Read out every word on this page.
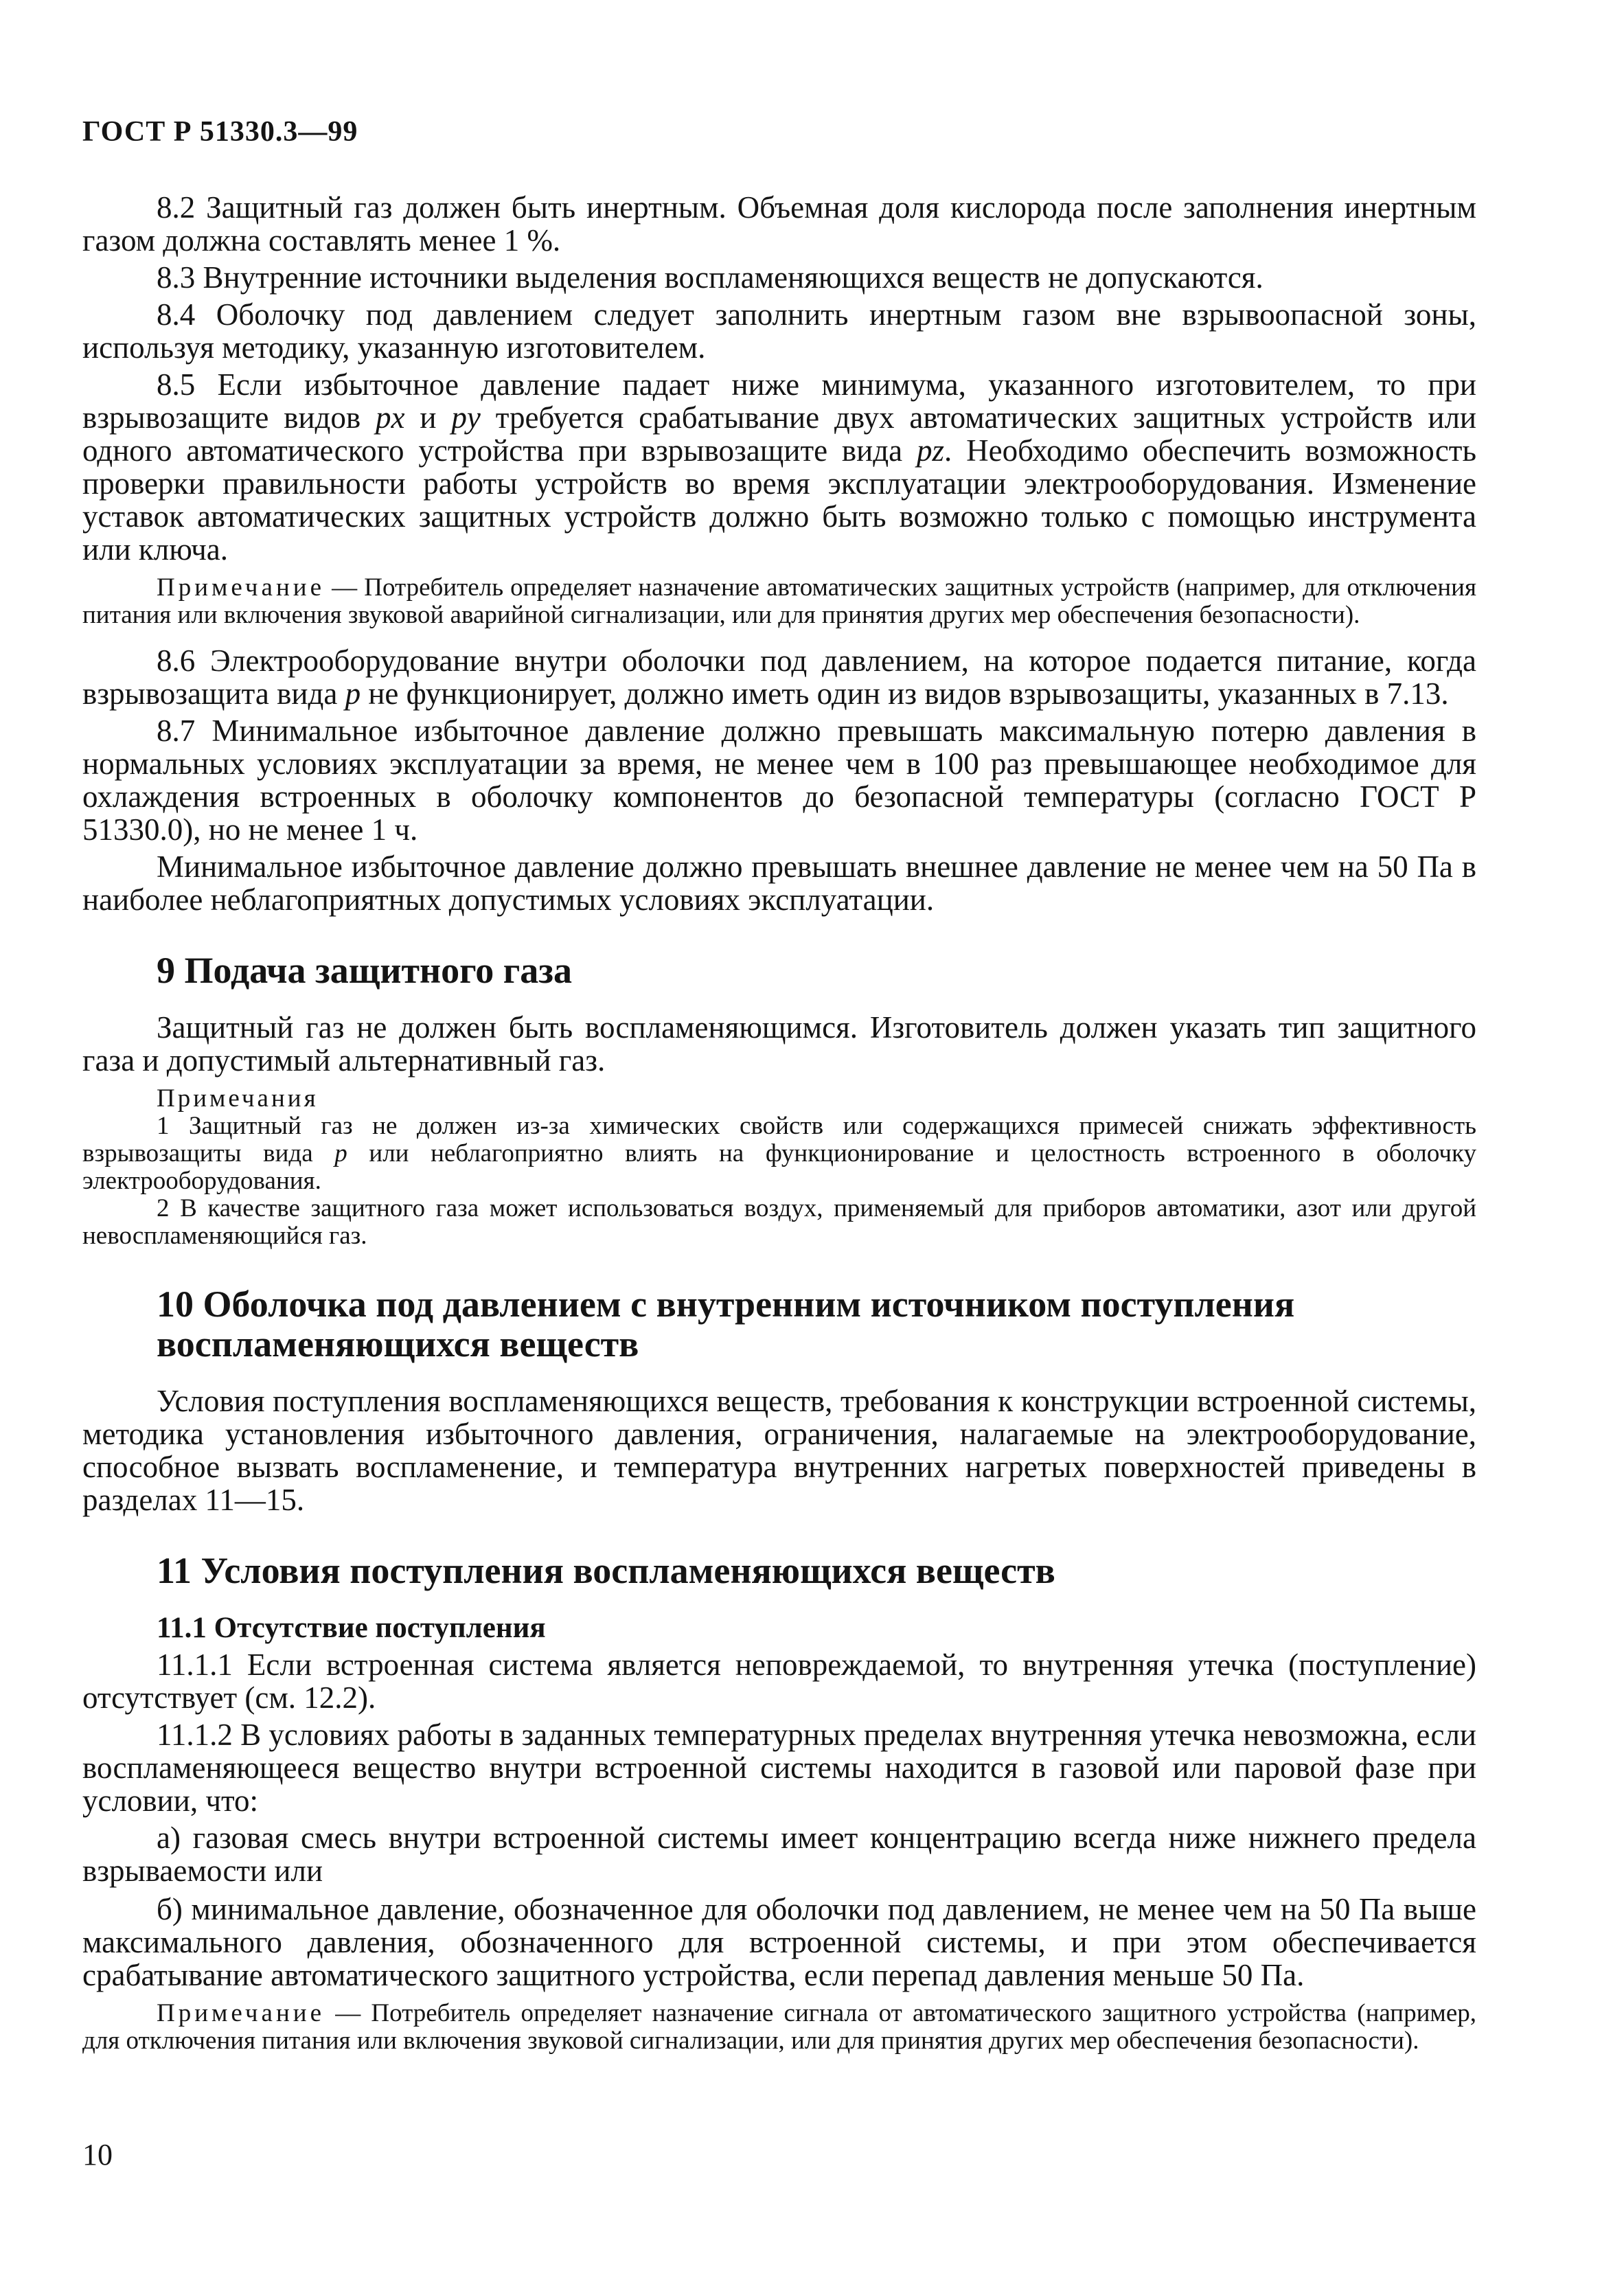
ГОСТ Р 51330.3—99

8.2 Защитный газ должен быть инертным. Объемная доля кислорода после заполнения инертным газом должна составлять менее 1 %.

8.3 Внутренние источники выделения воспламеняющихся веществ не допускаются.

8.4 Оболочку под давлением следует заполнить инертным газом вне взрывоопасной зоны, используя методику, указанную изготовителем.

8.5 Если избыточное давление падает ниже минимума, указанного изготовителем, то при взрывозащите видов px и py требуется срабатывание двух автоматических защитных устройств или одного автоматического устройства при взрывозащите вида pz. Необходимо обеспечить возможность проверки правильности работы устройств во время эксплуатации электрооборудования. Изменение уставок автоматических защитных устройств должно быть возможно только с помощью инструмента или ключа.

Примечание — Потребитель определяет назначение автоматических защитных устройств (например, для отключения питания или включения звуковой аварийной сигнализации, или для принятия других мер обеспечения безопасности).

8.6 Электрооборудование внутри оболочки под давлением, на которое подается питание, когда взрывозащита вида p не функционирует, должно иметь один из видов взрывозащиты, указанных в 7.13.

8.7 Минимальное избыточное давление должно превышать максимальную потерю давления в нормальных условиях эксплуатации за время, не менее чем в 100 раз превышающее необходимое для охлаждения встроенных в оболочку компонентов до безопасной температуры (согласно ГОСТ Р 51330.0), но не менее 1 ч.

Минимальное избыточное давление должно превышать внешнее давление не менее чем на 50 Па в наиболее неблагоприятных допустимых условиях эксплуатации.

9 Подача защитного газа

Защитный газ не должен быть воспламеняющимся. Изготовитель должен указать тип защитного газа и допустимый альтернативный газ.

Примечания

1 Защитный газ не должен из-за химических свойств или содержащихся примесей снижать эффективность взрывозащиты вида p или неблагоприятно влиять на функционирование и целостность встроенного в оболочку электрооборудования.

2 В качестве защитного газа может использоваться воздух, применяемый для приборов автоматики, азот или другой невоспламеняющийся газ.

10 Оболочка под давлением с внутренним источником поступления
воспламеняющихся веществ

Условия поступления воспламеняющихся веществ, требования к конструкции встроенной системы, методика установления избыточного давления, ограничения, налагаемые на электрооборудование, способное вызвать воспламенение, и температура внутренних нагретых поверхностей приведены в разделах 11—15.

11 Условия поступления воспламеняющихся веществ
11.1 Отсутствие поступления

11.1.1 Если встроенная система является неповреждаемой, то внутренняя утечка (поступление) отсутствует (см. 12.2).

11.1.2 В условиях работы в заданных температурных пределах внутренняя утечка невозможна, если воспламеняющееся вещество внутри встроенной системы находится в газовой или паровой фазе при условии, что:

а) газовая смесь внутри встроенной системы имеет концентрацию всегда ниже нижнего предела взрываемости или

б) минимальное давление, обозначенное для оболочки под давлением, не менее чем на 50 Па выше максимального давления, обозначенного для встроенной системы, и при этом обеспечивается срабатывание автоматического защитного устройства, если перепад давления меньше 50 Па.

Примечание — Потребитель определяет назначение сигнала от автоматического защитного устройства (например, для отключения питания или включения звуковой сигнализации, или для принятия других мер обеспечения безопасности).

10
